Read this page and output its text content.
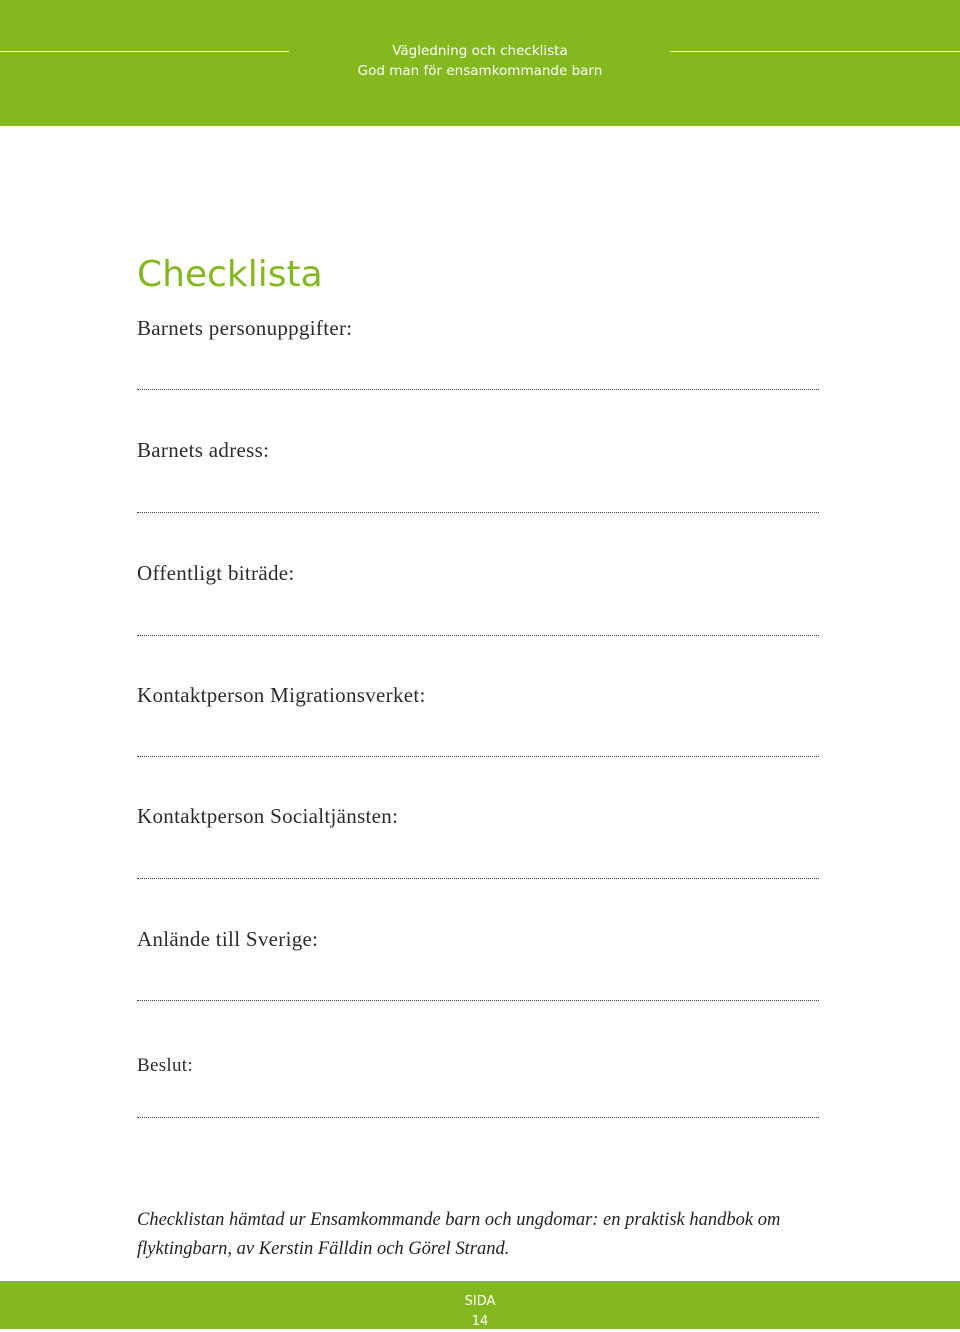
Vägledning och checklista
God man för ensamkommande barn
Checklista
Barnets personuppgifter:
Barnets adress:
Offentligt biträde:
Kontaktperson Migrationsverket:
Kontaktperson Socialtjänsten:
Anlände till Sverige:
Beslut:
Checklistan hämtad ur Ensamkommande barn och ungdomar: en praktisk handbok om
flyktingbarn, av Kerstin Fälldin och Görel Strand.
SIDA
14
